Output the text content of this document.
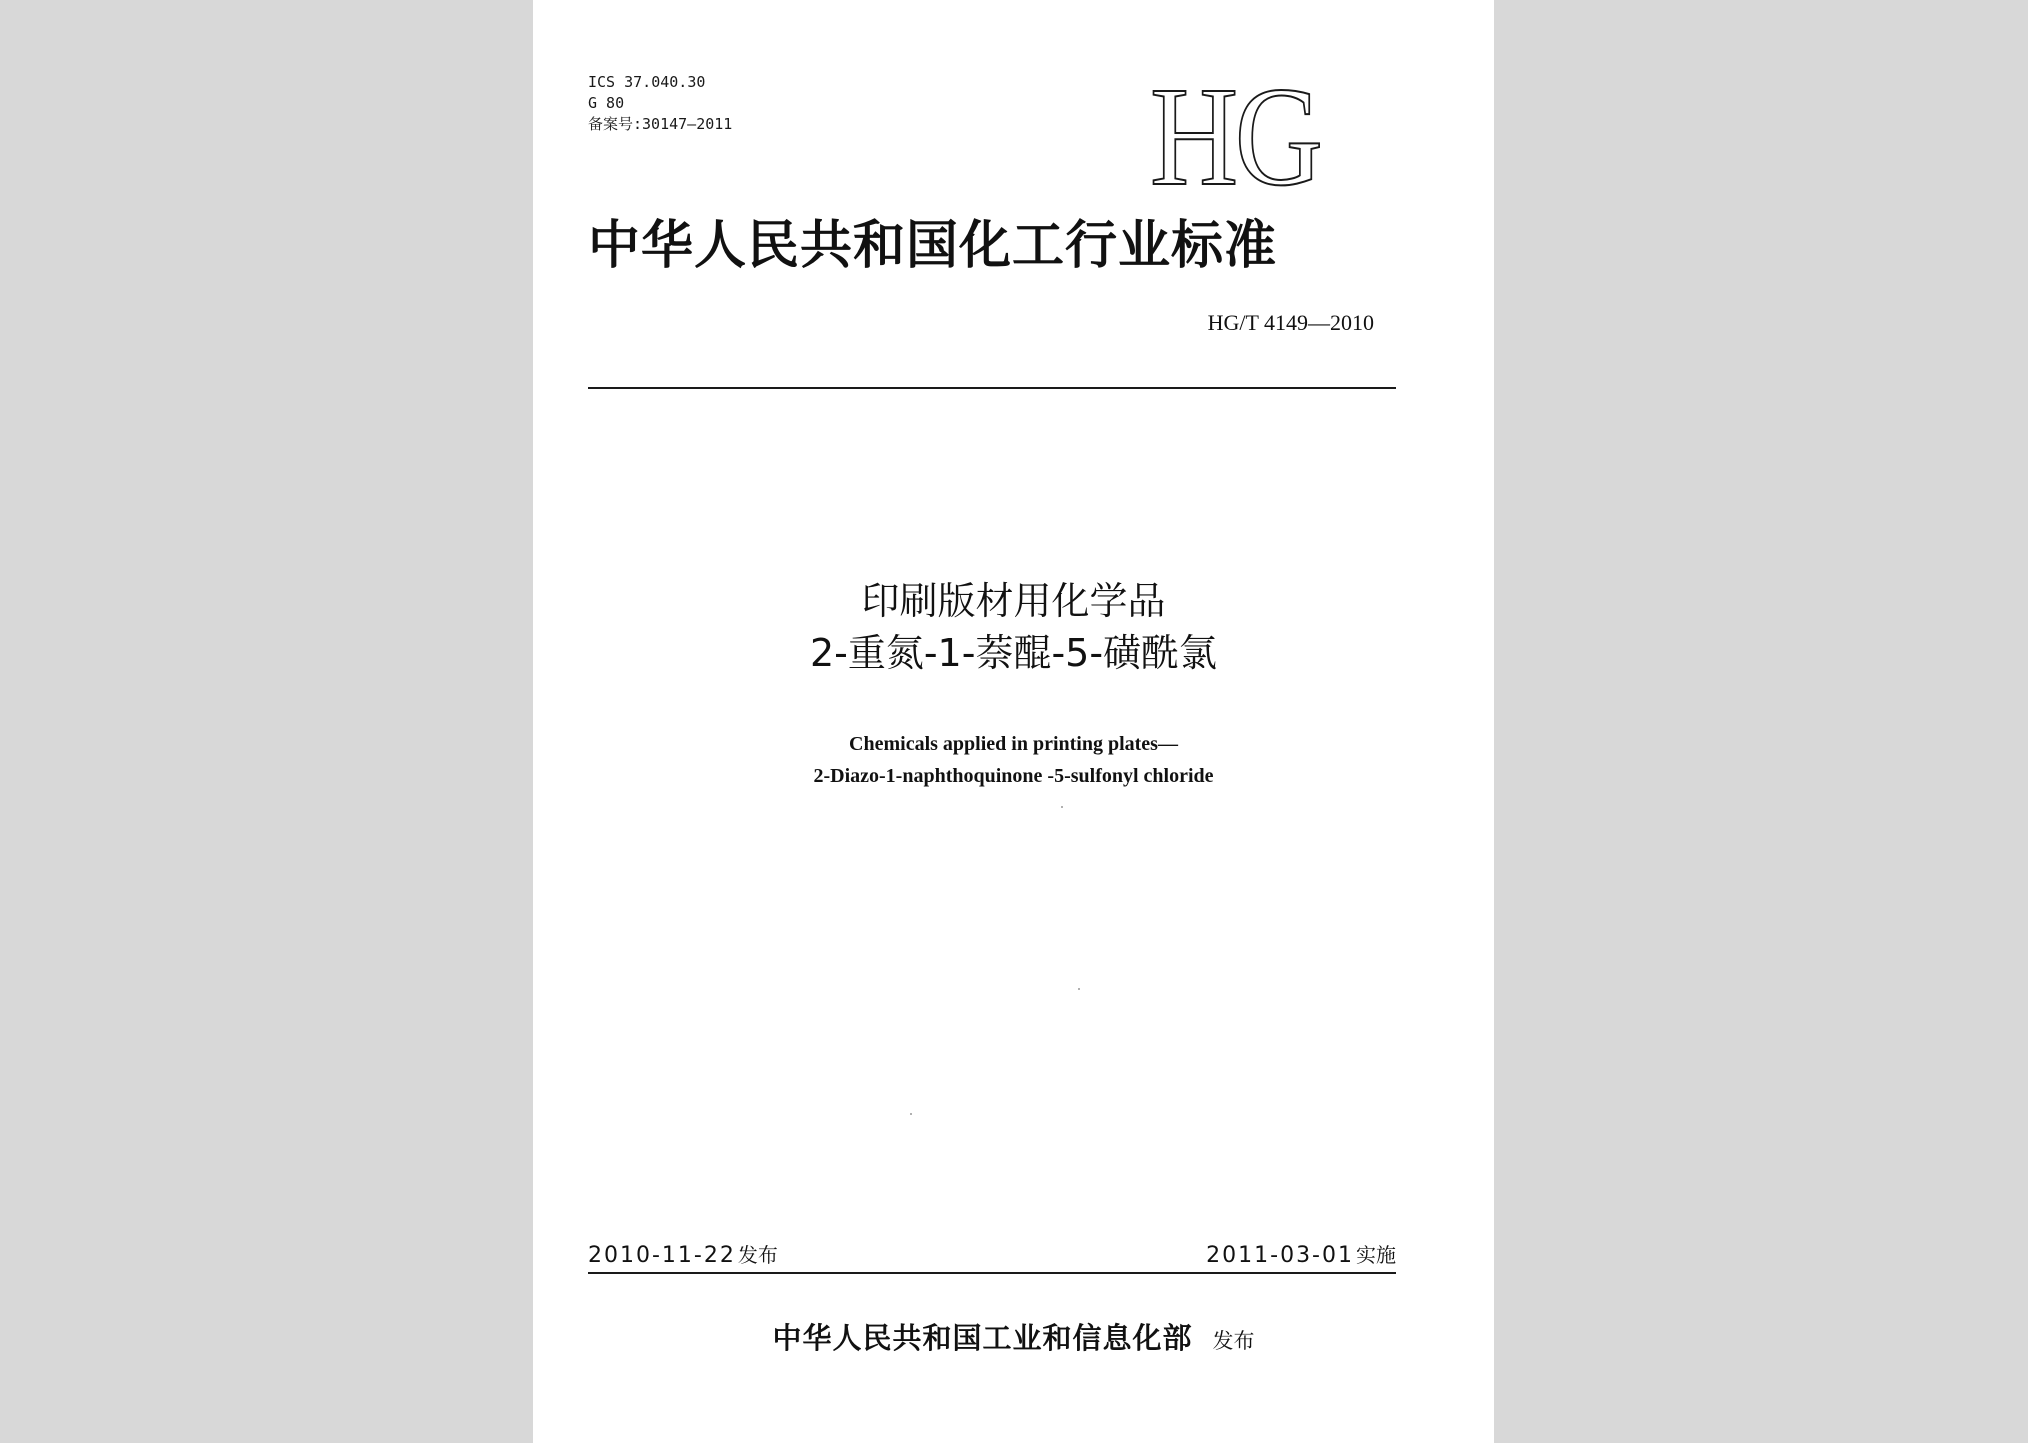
ICS 37.040.30
G 80
备案号:30147—2011	HG
中华人民共和国化工行业标准
HG/T 4149—2010
印刷版材用化学品
2-重氮-1-萘醌-5-磺酰氯
Chemicals applied in printing plates—
2-Diazo-1-naphthoquinone -5-sulfonyl chloride
2010-11-22 发布	2011-03-01 实施
中华人民共和国工业和信息化部 发布
